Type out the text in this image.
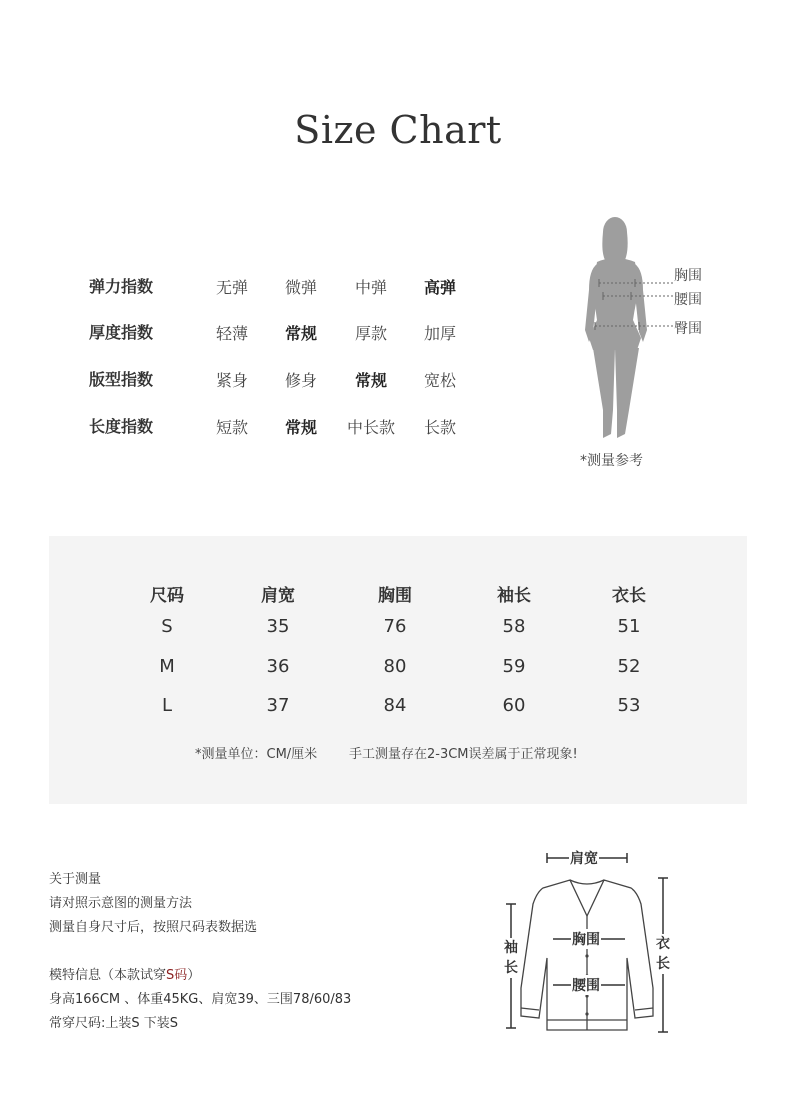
Size Chart
弹力指数	无弹	微弹	中弹	高弹
厚度指数	轻薄	常规	厚款	加厚
版型指数	紧身	修身	常规	宽松
长度指数	短款	常规	中长款	长款
胸围
腰围
臀围
*测量参考
尺码	肩宽	胸围	袖长	衣长
S	35	76	58	51
M	36	80	59	52
L	37	84	60	53
*测量单位：CM/厘米 手工测量存在2-3CM误差属于正常现象!
关于测量
请对照示意图的测量方法
测量自身尺寸后，按照尺码表数据选
模特信息（本款试穿S码）
身高166CM 、体重45KG、肩宽39、三围78/60/83
常穿尺码:上装S 下装S
肩宽
胸围
腰围
袖长
衣长
